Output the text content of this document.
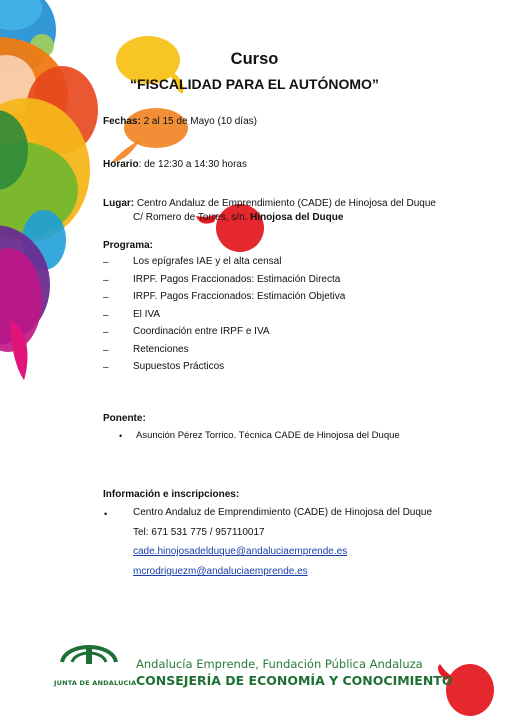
Curso
“FISCALIDAD PARA EL AUTÓNOMO”
Fechas: 2 al 15 de Mayo (10 días)
Horario: de 12:30 a 14:30 horas
Lugar: Centro Andaluz de Emprendimiento (CADE) de Hinojosa del Duque
C/ Romero de Torres, s/n. Hinojosa del Duque
Programa:
– Los epígrafes IAE y el alta censal
– IRPF. Pagos Fraccionados: Estimación Directa
– IRPF. Pagos Fraccionados: Estimación Objetiva
– El IVA
– Coordinación entre IRPF e IVA
– Retenciones
– Supuestos Prácticos
Ponente:
• Asunción Pérez Torrico. Técnica CADE de Hinojosa del Duque
Información e inscripciones:
•	Centro Andaluz de Emprendimiento (CADE) de Hinojosa del Duque
Tel: 671 531 775 / 957110017
cade.hinojosadelduque@andaluciaemprende.es
mcrodriguezm@andaluciaemprende.es
JUNTA DE ANDALUCIA
Andalucía Emprende, Fundación Pública Andaluza
CONSEJERÍA DE ECONOMÍA Y CONOCIMIENTO
